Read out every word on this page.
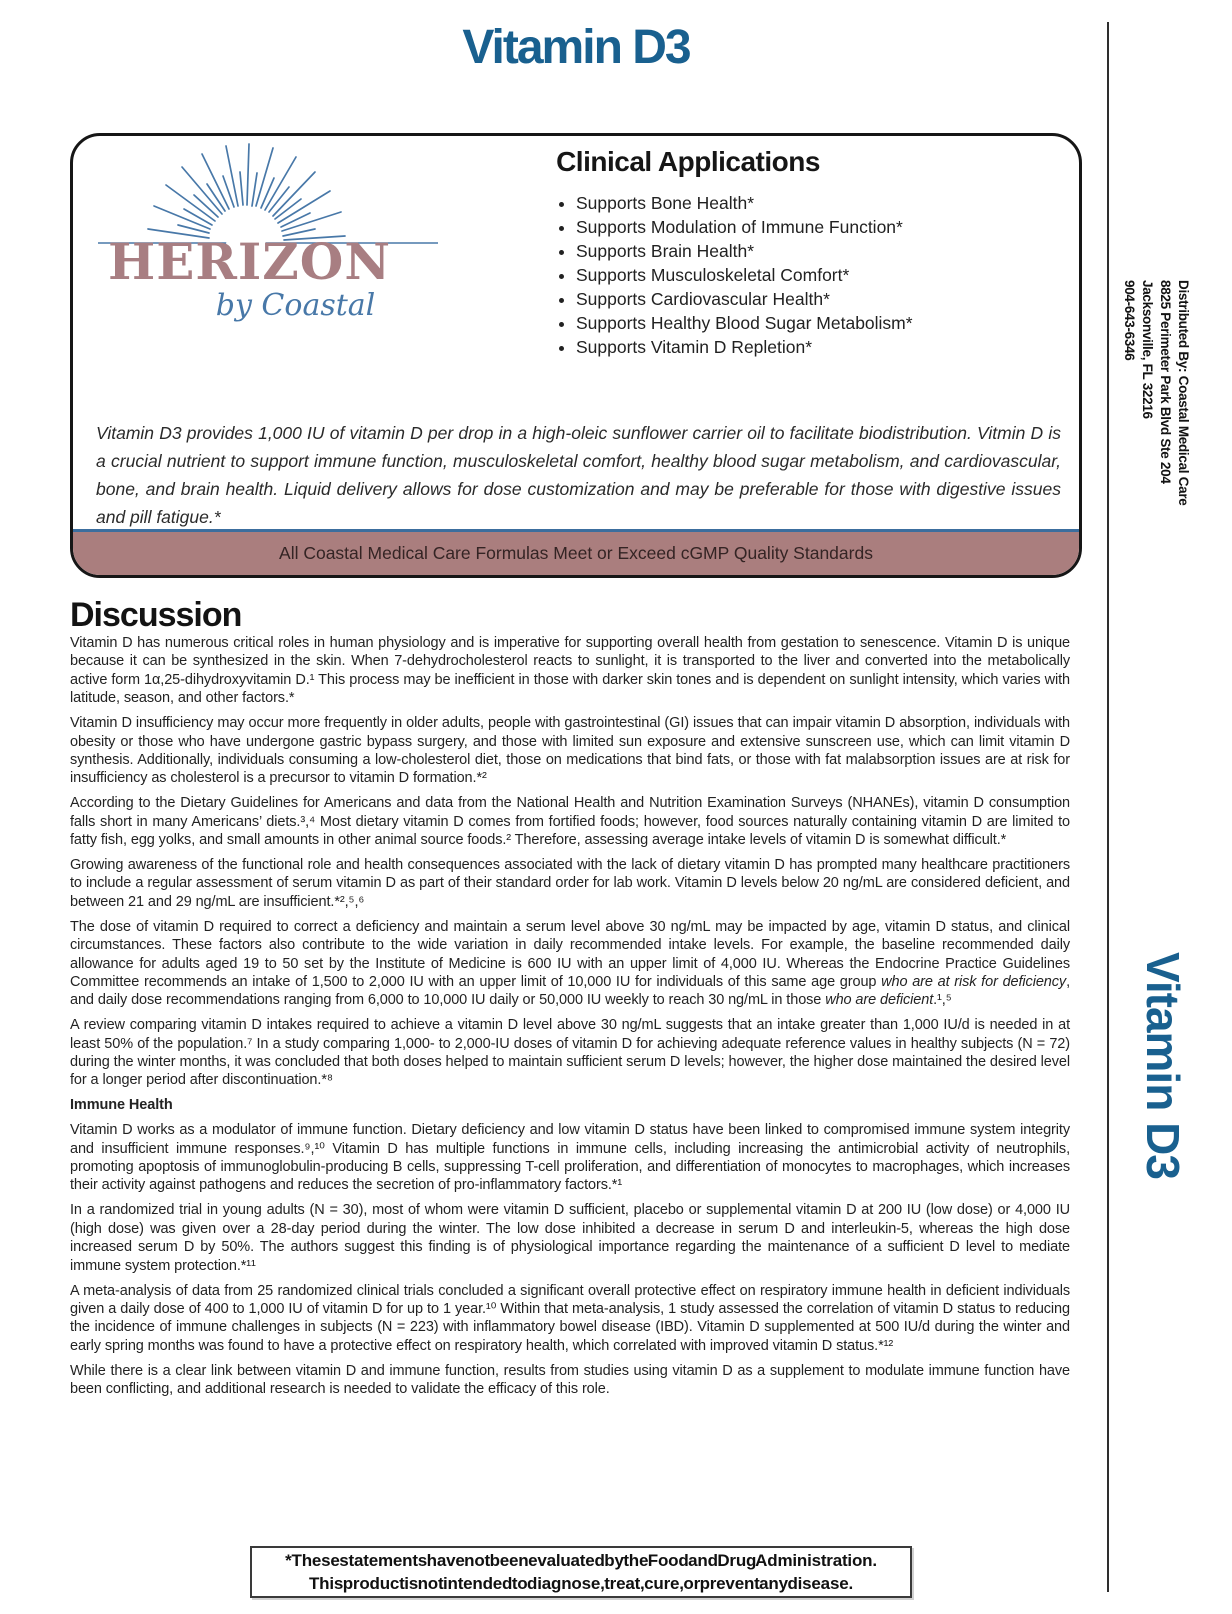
Vitamin D3
HERIZON
by Coastal
Clinical Applications
• Supports Bone Health*
• Supports Modulation of Immune Function*
• Supports Brain Health*
• Supports Musculoskeletal Comfort*
• Supports Cardiovascular Health*
• Supports Healthy Blood Sugar Metabolism*
• Supports Vitamin D Repletion*
Vitamin D3 provides 1,000 IU of vitamin D per drop in a high-oleic sunflower carrier oil to facilitate biodistribution. Vitmin D is a crucial nutrient to support immune function, musculoskeletal comfort, healthy blood sugar metabolism, and cardiovascular, bone, and brain health. Liquid delivery allows for dose customization and may be preferable for those with digestive issues and pill fatigue.*
All Coastal Medical Care Formulas Meet or Exceed cGMP Quality Standards
Discussion

Vitamin D has numerous critical roles in human physiology and is imperative for supporting overall health from gestation to senescence. Vitamin D is unique because it can be synthesized in the skin. When 7-dehydrocholesterol reacts to sunlight, it is transported to the liver and converted into the metabolically active form 1α,25-dihydroxyvitamin D.¹ This process may be inefficient in those with darker skin tones and is dependent on sunlight intensity, which varies with latitude, season, and other factors.*

Vitamin D insufficiency may occur more frequently in older adults, people with gastrointestinal (GI) issues that can impair vitamin D absorption, individuals with obesity or those who have undergone gastric bypass surgery, and those with limited sun exposure and extensive sunscreen use, which can limit vitamin D synthesis. Additionally, individuals consuming a low-cholesterol diet, those on medications that bind fats, or those with fat malabsorption issues are at risk for insufficiency as cholesterol is a precursor to vitamin D formation.*²

According to the Dietary Guidelines for Americans and data from the National Health and Nutrition Examination Surveys (NHANEs), vitamin D consumption falls short in many Americans’ diets.³,⁴ Most dietary vitamin D comes from fortified foods; however, food sources naturally containing vitamin D are limited to fatty fish, egg yolks, and small amounts in other animal source foods.² Therefore, assessing average intake levels of vitamin D is somewhat difficult.*

Growing awareness of the functional role and health consequences associated with the lack of dietary vitamin D has prompted many healthcare practitioners to include a regular assessment of serum vitamin D as part of their standard order for lab work. Vitamin D levels below 20 ng/mL are considered deficient, and between 21 and 29 ng/mL are insufficient.*²,⁵,⁶

The dose of vitamin D required to correct a deficiency and maintain a serum level above 30 ng/mL may be impacted by age, vitamin D status, and clinical circumstances. These factors also contribute to the wide variation in daily recommended intake levels. For example, the baseline recommended daily allowance for adults aged 19 to 50 set by the Institute of Medicine is 600 IU with an upper limit of 4,000 IU. Whereas the Endocrine Practice Guidelines Committee recommends an intake of 1,500 to 2,000 IU with an upper limit of 10,000 IU for individuals of this same age group who are at risk for deficiency, and daily dose recommendations ranging from 6,000 to 10,000 IU daily or 50,000 IU weekly to reach 30 ng/mL in those who are deficient.¹,⁵

A review comparing vitamin D intakes required to achieve a vitamin D level above 30 ng/mL suggests that an intake greater than 1,000 IU/d is needed in at least 50% of the population.⁷ In a study comparing 1,000- to 2,000-IU doses of vitamin D for achieving adequate reference values in healthy subjects (N = 72) during the winter months, it was concluded that both doses helped to maintain sufficient serum D levels; however, the higher dose maintained the desired level for a longer period after discontinuation.*⁸

Immune Health

Vitamin D works as a modulator of immune function. Dietary deficiency and low vitamin D status have been linked to compromised immune system integrity and insufficient immune responses.⁹,¹⁰ Vitamin D has multiple functions in immune cells, including increasing the antimicrobial activity of neutrophils, promoting apoptosis of immunoglobulin-producing B cells, suppressing T-cell proliferation, and differentiation of monocytes to macrophages, which increases their activity against pathogens and reduces the secretion of pro-inflammatory factors.*¹

In a randomized trial in young adults (N = 30), most of whom were vitamin D sufficient, placebo or supplemental vitamin D at 200 IU (low dose) or 4,000 IU (high dose) was given over a 28-day period during the winter. The low dose inhibited a decrease in serum D and interleukin-5, whereas the high dose increased serum D by 50%. The authors suggest this finding is of physiological importance regarding the maintenance of a sufficient D level to mediate immune system protection.*¹¹

A meta-analysis of data from 25 randomized clinical trials concluded a significant overall protective effect on respiratory immune health in deficient individuals given a daily dose of 400 to 1,000 IU of vitamin D for up to 1 year.¹⁰ Within that meta-analysis, 1 study assessed the correlation of vitamin D status to reducing the incidence of immune challenges in subjects (N = 223) with inflammatory bowel disease (IBD). Vitamin D supplemented at 500 IU/d during the winter and early spring months was found to have a protective effect on respiratory health, which correlated with improved vitamin D status.*¹²

While there is a clear link between vitamin D and immune function, results from studies using vitamin D as a supplement to modulate immune function have been conflicting, and additional research is needed to validate the efficacy of this role.

*These statements have not been evaluated by the Food and Drug Administration.
This product is not intended to diagnose, treat, cure, or prevent any disease.
Distributed By: Coastal Medical Care
8825 Perimeter Park Blvd Ste 204
Jacksonville, FL 32216
904-643-6346
Vitamin D3
